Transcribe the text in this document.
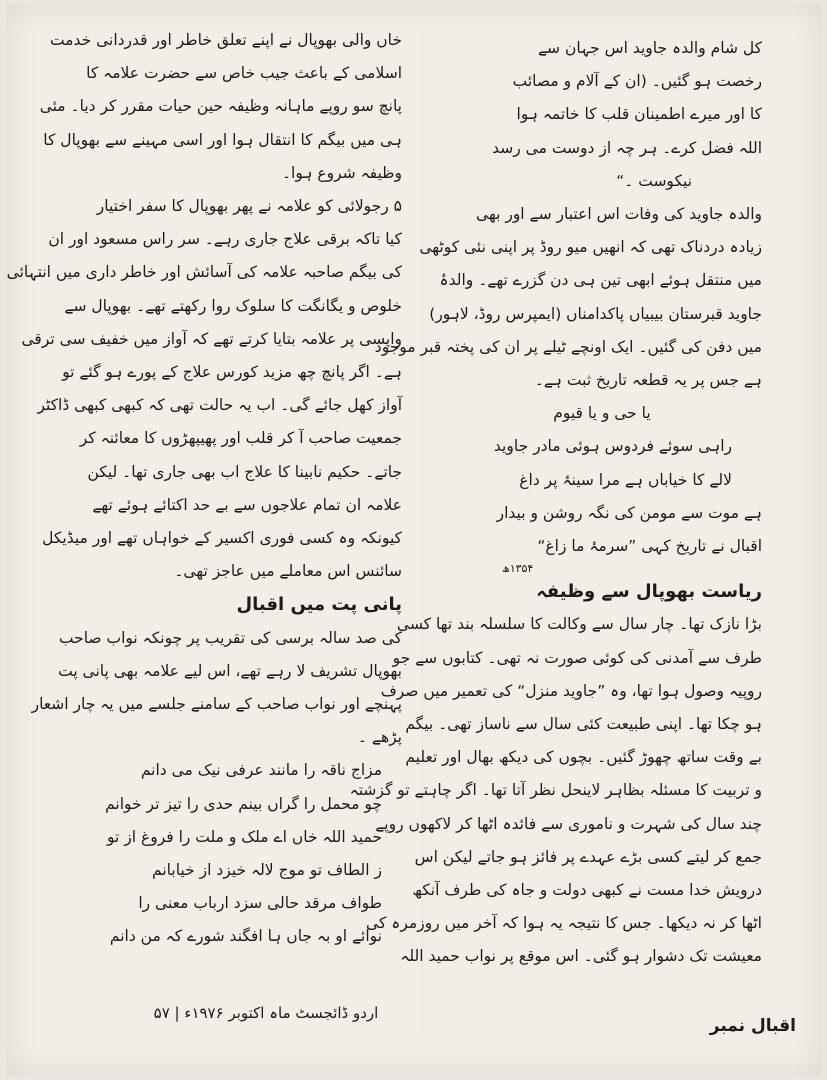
کل شام والدہ جاوید اس جہان سے
رخصت ہو گئیں۔ (ان کے آلام و مصائب
کا اور میرے اطمینان قلب کا خاتمہ ہوا
اللہ فضل کرے۔ ہر چہ از دوست می رسد
نیکوست ۔“
والدہ جاوید کی وفات اس اعتبار سے اور بھی
زیادہ دردناک تھی کہ انھیں میو روڈ پر اپنی نئی کوٹھی
میں منتقل ہوئے ابھی تین ہی دن گزرے تھے۔ والدۂ
جاوید قبرستان بیبیاں پاکدامناں (ایمپرس روڈ، لاہور)
میں دفن کی گئیں۔ ایک اونچے ٹیلے پر ان کی پختہ قبر موجود
ہے جس پر یہ قطعہ تاریخ ثبت ہے۔
یا حی و یا قیوم
راہی سوئے فردوس ہوئی مادر جاوید
لالے کا خیاباں ہے مرا سینۂ پر داغ
ہے موت سے مومن کی نگہ روشن و بیدار
اقبال نے تاریخ کہی ”سرمۂ ما زاغ“
۱۳۵۴ھ
ریاست بھوپال سے وظیفہ
بڑا نازک تھا۔ چار سال سے وکالت کا سلسلہ بند تھا کسی
طرف سے آمدنی کی کوئی صورت نہ تھی۔ کتابوں سے جو
روپیہ وصول ہوا تھا، وہ ”جاوید منزل“ کی تعمیر میں صرف
ہو چکا تھا۔ اپنی طبیعت کئی سال سے ناساز تھی۔ بیگم
بے وقت ساتھ چھوڑ گئیں۔ بچوں کی دیکھ بھال اور تعلیم
و تربیت کا مسئلہ بظاہر لاینحل نظر آتا تھا۔ اگر چاہتے تو گزشتہ
چند سال کی شہرت و ناموری سے فائدہ اٹھا کر لاکھوں روپے
جمع کر لیتے کسی بڑے عہدے پر فائز ہو جاتے لیکن اس
درویش خدا مست نے کبھی دولت و جاہ کی طرف آنکھ
اٹھا کر نہ دیکھا۔ جس کا نتیجہ یہ ہوا کہ آخر میں روزمرہ کی
معیشت تک دشوار ہو گئی۔ اس موقع پر نواب حمید اللہ
خاں والی بھوپال نے اپنے تعلق خاطر اور قدردانی خدمت
اسلامی کے باعث جیب خاص سے حضرت علامہ کا
پانچ سو روپے ماہانہ وظیفہ حین حیات مقرر کر دیا۔ مئی
ہی میں بیگم کا انتقال ہوا اور اسی مہینے سے بھوپال کا
وظیفہ شروع ہوا۔
۵ رجولائی کو علامہ نے پھر بھوپال کا سفر اختیار
کیا تاکہ برقی علاج جاری رہے۔ سر راس مسعود اور ان
کی بیگم صاحبہ علامہ کی آسائش اور خاطر داری میں انتہائی
خلوص و یگانگت کا سلوک روا رکھتے تھے۔ بھوپال سے
واپسی پر علامہ بتایا کرتے تھے کہ آواز میں خفیف سی ترقی
ہے۔ اگر پانچ چھ مزید کورس علاج کے پورے ہو گئے تو
آواز کھل جائے گی۔ اب یہ حالت تھی کہ کبھی کبھی ڈاکٹر
جمعیت صاحب آ کر قلب اور پھیپھڑوں کا معائنہ کر
جاتے۔ حکیم نابینا کا علاج اب بھی جاری تھا۔ لیکن
علامہ ان تمام علاجوں سے بے حد اکتائے ہوئے تھے
کیونکہ وہ کسی فوری اکسیر کے خواہاں تھے اور میڈیکل
سائنس اس معاملے میں عاجز تھی۔
پانی پت میں اقبال
کی صد سالہ برسی کی تقریب پر چونکہ نواب صاحب
بھوپال تشریف لا رہے تھے، اس لیے علامہ بھی پانی پت
پہنچے اور نواب صاحب کے سامنے جلسے میں یہ چار اشعار
پڑھے ۔
مزاج ناقہ را مانند عرفی نیک می دانم
چو محمل را گراں بینم حدی را تیز تر خوانم
حمید اللہ خاں اے ملک و ملت را فروغ از تو
ز الطاف تو موج لالہ خیزد از خیابانم
طواف مرقد حالی سزد ارباب معنی را
نوائے او بہ جاں ہا افگند شورے کہ من دانم
اردو ڈائجسٹ ماہ اکتوبر ۱۹۷۶ء | ۵۷
اقبال نمبر
